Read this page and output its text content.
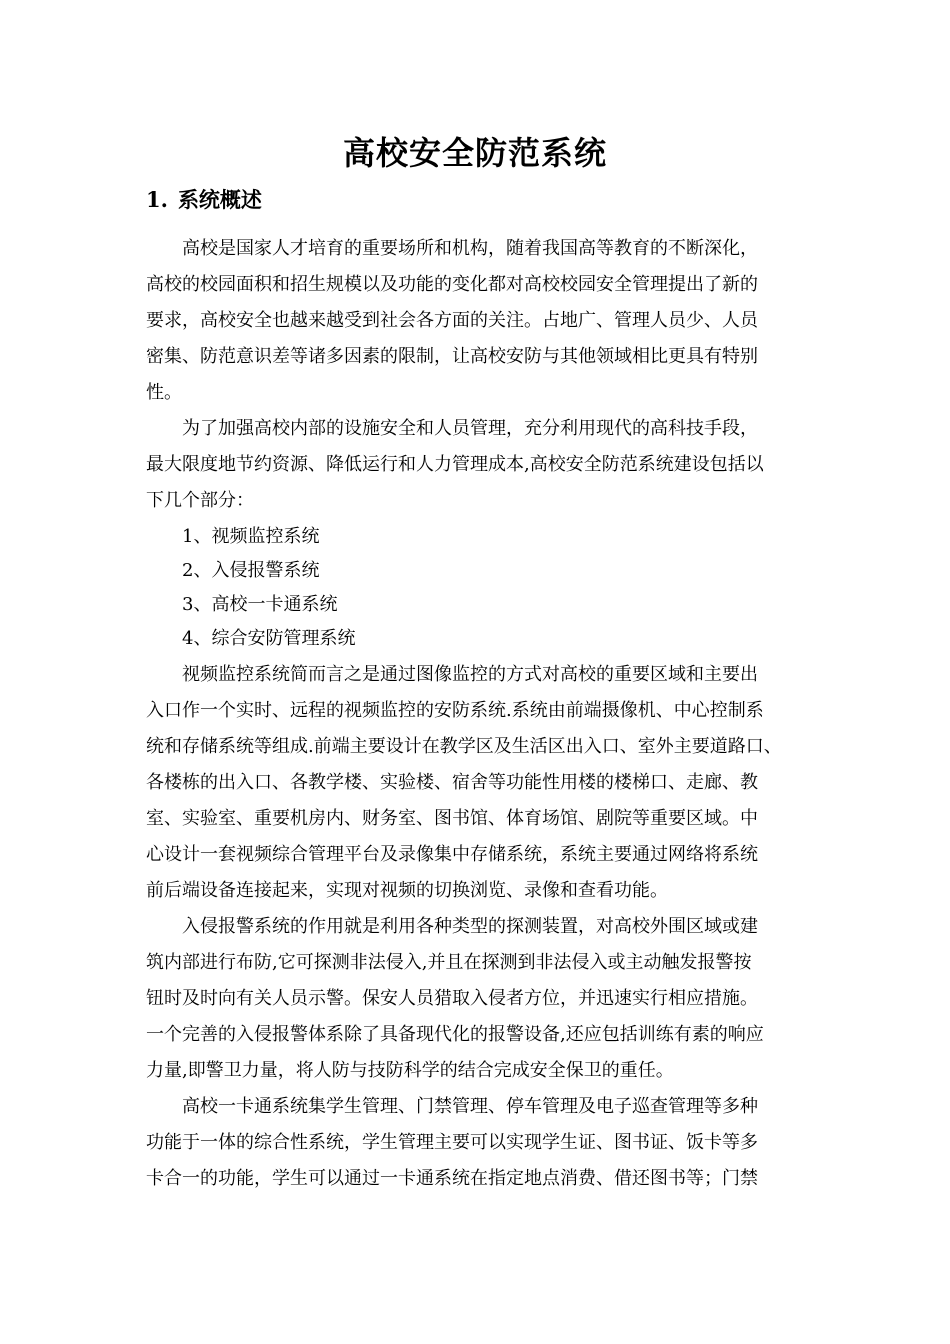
高校安全防范系统
1. 系统概述
高校是国家人才培育的重要场所和机构，随着我国高等教育的不断深化，
高校的校园面积和招生规模以及功能的变化都对高校校园安全管理提出了新的
要求，高校安全也越来越受到社会各方面的关注。占地广、管理人员少、人员
密集、防范意识差等诸多因素的限制，让高校安防与其他领域相比更具有特别
性。
为了加强高校内部的设施安全和人员管理，充分利用现代的高科技手段，
最大限度地节约资源、降低运行和人力管理成本,高校安全防范系统建设包括以
下几个部分：
1、视频监控系统
2、入侵报警系统
3、高校一卡通系统
4、综合安防管理系统
视频监控系统简而言之是通过图像监控的方式对高校的重要区域和主要出
入口作一个实时、远程的视频监控的安防系统.系统由前端摄像机、中心控制系
统和存储系统等组成.前端主要设计在教学区及生活区出入口、室外主要道路口、
各楼栋的出入口、各教学楼、实验楼、宿舍等功能性用楼的楼梯口、走廊、教
室、实验室、重要机房内、财务室、图书馆、体育场馆、剧院等重要区域。中
心设计一套视频综合管理平台及录像集中存储系统，系统主要通过网络将系统
前后端设备连接起来，实现对视频的切换浏览、录像和查看功能。
入侵报警系统的作用就是利用各种类型的探测装置，对高校外围区域或建
筑内部进行布防,它可探测非法侵入,并且在探测到非法侵入或主动触发报警按
钮时及时向有关人员示警。保安人员猎取入侵者方位，并迅速实行相应措施。
一个完善的入侵报警体系除了具备现代化的报警设备,还应包括训练有素的响应
力量,即警卫力量，将人防与技防科学的结合完成安全保卫的重任。
高校一卡通系统集学生管理、门禁管理、停车管理及电子巡查管理等多种
功能于一体的综合性系统，学生管理主要可以实现学生证、图书证、饭卡等多
卡合一的功能，学生可以通过一卡通系统在指定地点消费、借还图书等；门禁
